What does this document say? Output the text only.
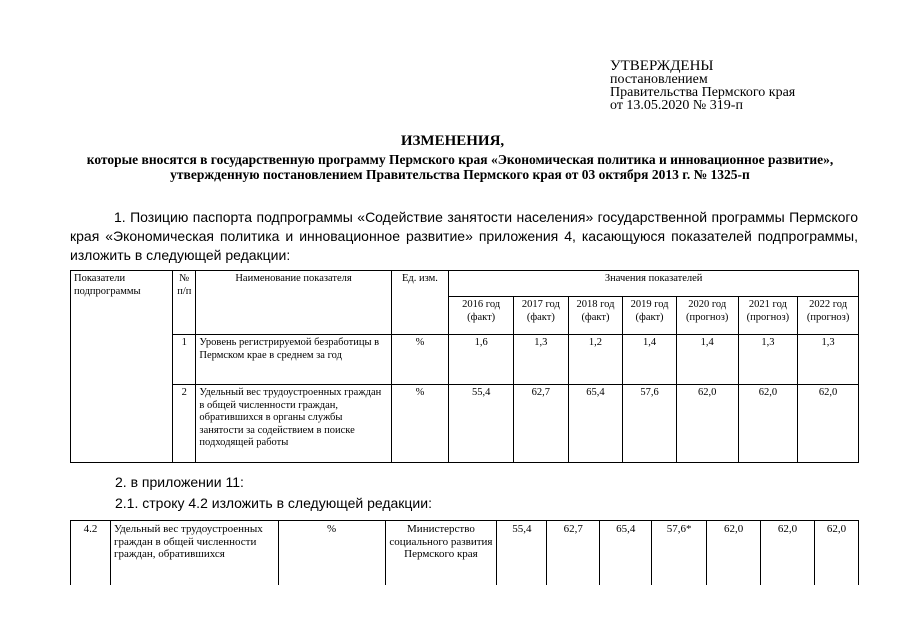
УТВЕРЖДЕНЫ
постановлением
Правительства Пермского края
от 13.05.2020 № 319-п
ИЗМЕНЕНИЯ,
которые вносятся в государственную программу Пермского края «Экономическая политика и инновационное развитие», утвержденную постановлением Правительства Пермского края от 03 октября 2013 г. № 1325-п
1. Позицию паспорта подпрограммы «Содействие занятости населения» государственной программы Пермского края «Экономическая политика и инновационное развитие» приложения 4, касающуюся показателей подпрограммы, изложить в следующей редакции:
Показатели подпрограммы	№ п/п	Наименование показателя	Ед. изм.	Значения показателей						
				2016 год (факт)	2017 год (факт)	2018 год (факт)	2019 год (факт)	2020 год (прогноз)	2021 год (прогноз)	2022 год (прогноз)
	1	Уровень регистрируемой безработицы в Пермском крае в среднем за год	%	1,6	1,3	1,2	1,4	1,4	1,3	1,3
	2	Удельный вес трудоустроенных граждан в общей численности граждан, обратившихся в органы службы занятости за содействием в поиске подходящей работы	%	55,4	62,7	65,4	57,6	62,0	62,0	62,0
2. в приложении 11:
2.1. строку 4.2 изложить в следующей редакции:
4.2	Удельный вес трудоустроенных граждан в общей численности граждан, обратившихся	%	Министерство социального развития Пермского края	55,4	62,7	65,4	57,6*	62,0	62,0	62,0
